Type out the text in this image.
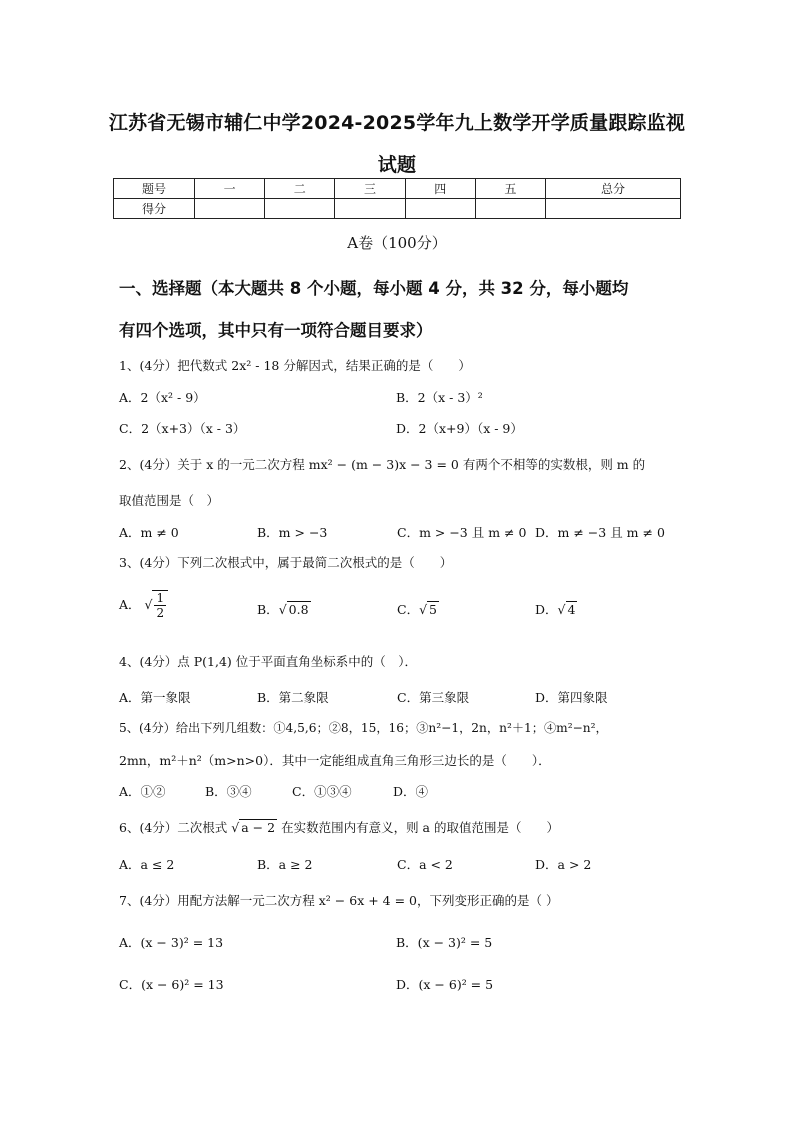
江苏省无锡市辅仁中学2024-2025学年九上数学开学质量跟踪监视
试题
题号	一	二	三	四	五	总分
得分						
A卷（100分）
一、选择题（本大题共 8 个小题，每小题 4 分，共 32 分，每小题均
有四个选项，其中只有一项符合题目要求）
1、(4分）把代数式 2x² - 18 分解因式，结果正确的是（　　）
A．2（x² - 9）	B．2（x - 3）²
C．2（x+3）（x - 3）	D．2（x+9）（x - 9）
2、(4分）关于 x 的一元二次方程 mx² − (m − 3)x − 3 = 0 有两个不相等的实数根，则 m 的
取值范围是（　）
A．m ≠ 0	B．m > −3	C．m > −3 且 m ≠ 0 D．m ≠ −3 且 m ≠ 0
3、(4分）下列二次根式中，属于最简二次根式的是（　　）
A． √ $\frac{1}{2}$	B．√ 0.8	C．√ 5	D．√ 4
4、(4分）点 P(1,4) 位于平面直角坐标系中的（　）．
A．第一象限	B．第二象限	C．第三象限	D．第四象限
5、(4分）给出下列几组数：①4,5,6；②8，15，16；③n²−1，2n，n²＋1；④m²−n²，
2mn，m²＋n²（m>n>0）．其中一定能组成直角三角形三边长的是（　　）．
A．①②	B．③④	C．①③④	D．④
6、(4分）二次根式 √ a − 2 在实数范围内有意义，则 a 的取值范围是（　　）
A．a ≤ 2	B．a ≥ 2	C．a < 2	D．a > 2
7、(4分）用配方法解一元二次方程 x² − 6x + 4 = 0，下列变形正确的是（ ）
A．(x − 3)² = 13	B．(x − 3)² = 5
C．(x − 6)² = 13	D．(x − 6)² = 5
